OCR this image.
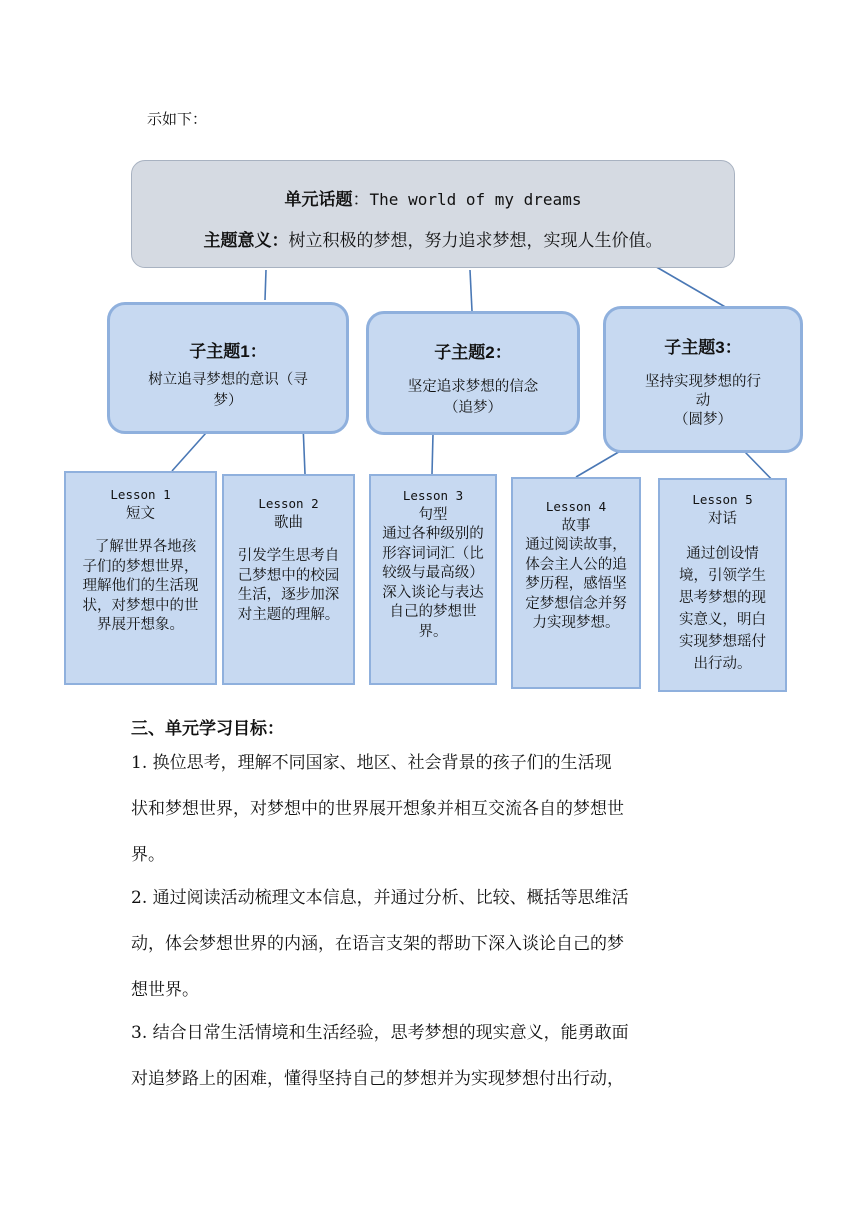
示如下：
单元话题：The world of my dreams
主题意义：树立积极的梦想，努力追求梦想，实现人生价值。
子主题1：
树立追寻梦想的意识（寻
梦）
子主题2：
坚定追求梦想的信念
（追梦）
子主题3：
坚持实现梦想的行
动
（圆梦）
Lesson 1
短文
了解世界各地孩子们的梦想世界，理解他们的生活现状，对梦想中的世界展开想象。
Lesson 2
歌曲
引发学生思考自己梦想中的校园生活，逐步加深对主题的理解。
Lesson 3
句型
通过各种级别的形容词词汇（比较级与最高级）深入谈论与表达自己的梦想世界。
Lesson 4
故事
通过阅读故事，体会主人公的追梦历程，感悟坚定梦想信念并努力实现梦想。
Lesson 5
对话
通过创设情境，引领学生思考梦想的现实意义，明白实现梦想瑶付出行动。
三、单元学习目标：
1. 换位思考，理解不同国家、地区、社会背景的孩子们的生活现
状和梦想世界，对梦想中的世界展开想象并相互交流各自的梦想世
界。
2. 通过阅读活动梳理文本信息，并通过分析、比较、概括等思维活
动，体会梦想世界的内涵，在语言支架的帮助下深入谈论自己的梦
想世界。
3. 结合日常生活情境和生活经验，思考梦想的现实意义，能勇敢面
对追梦路上的困难，懂得坚持自己的梦想并为实现梦想付出行动，
